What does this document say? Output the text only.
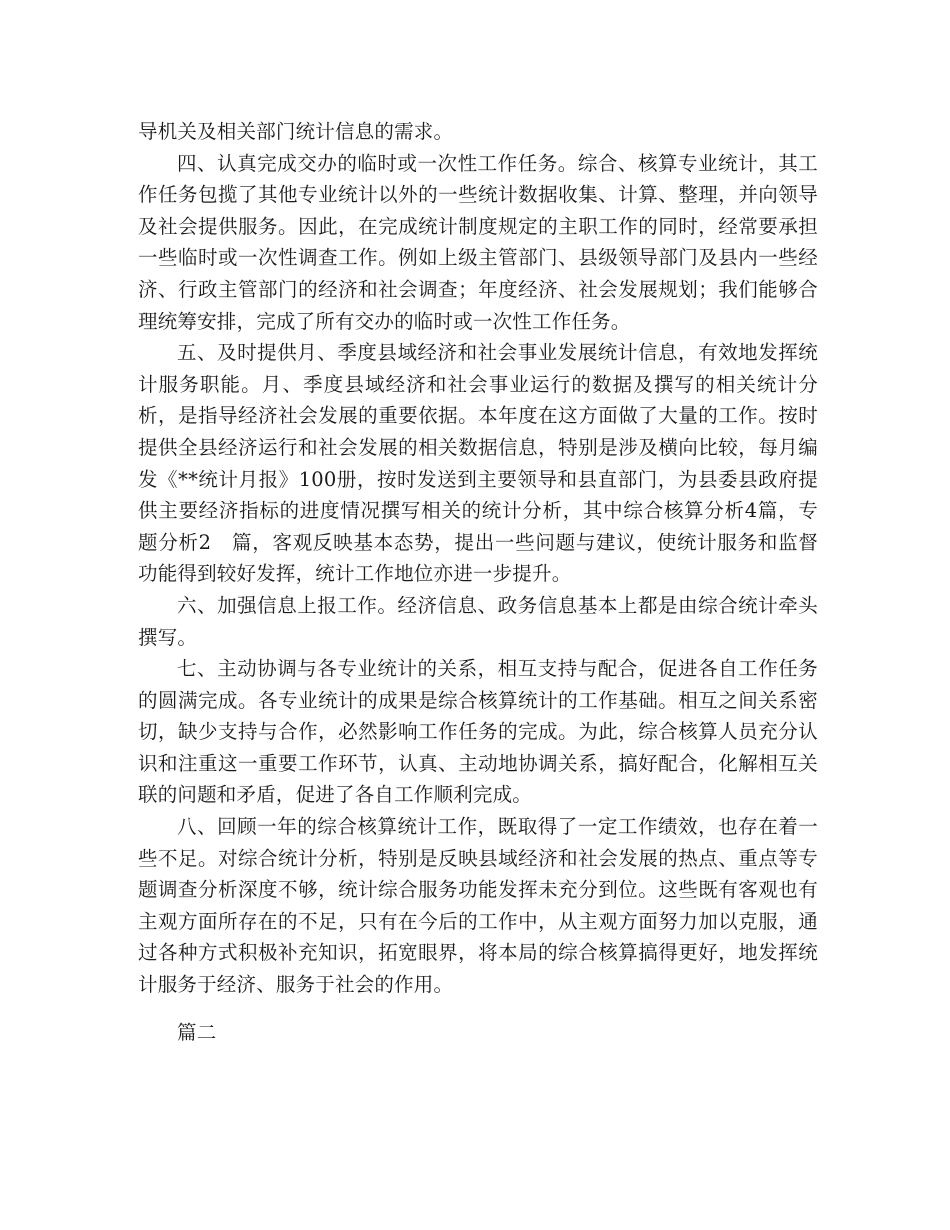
导机关及相关部门统计信息的需求。

四、认真完成交办的临时或一次性工作任务。综合、核算专业统计，其工作任务包揽了其他专业统计以外的一些统计数据收集、计算、整理，并向领导及社会提供服务。因此，在完成统计制度规定的主职工作的同时，经常要承担一些临时或一次性调查工作。例如上级主管部门、县级领导部门及县内一些经济、行政主管部门的经济和社会调查；年度经济、社会发展规划；我们能够合理统筹安排，完成了所有交办的临时或一次性工作任务。

五、及时提供月、季度县域经济和社会事业发展统计信息，有效地发挥统计服务职能。月、季度县域经济和社会事业运行的数据及撰写的相关统计分析，是指导经济社会发展的重要依据。本年度在这方面做了大量的工作。按时提供全县经济运行和社会发展的相关数据信息，特别是涉及横向比较，每月编发《**统计月报》100册，按时发送到主要领导和县直部门，为县委县政府提供主要经济指标的进度情况撰写相关的统计分析，其中综合核算分析4篇，专题分析2　篇，客观反映基本态势，提出一些问题与建议，使统计服务和监督功能得到较好发挥，统计工作地位亦进一步提升。

六、加强信息上报工作。经济信息、政务信息基本上都是由综合统计牵头撰写。

七、主动协调与各专业统计的关系，相互支持与配合，促进各自工作任务的圆满完成。各专业统计的成果是综合核算统计的工作基础。相互之间关系密切，缺少支持与合作，必然影响工作任务的完成。为此，综合核算人员充分认识和注重这一重要工作环节，认真、主动地协调关系，搞好配合，化解相互关联的问题和矛盾，促进了各自工作顺利完成。

八、回顾一年的综合核算统计工作，既取得了一定工作绩效，也存在着一些不足。对综合统计分析，特别是反映县域经济和社会发展的热点、重点等专题调查分析深度不够，统计综合服务功能发挥未充分到位。这些既有客观也有主观方面所存在的不足，只有在今后的工作中，从主观方面努力加以克服，通过各种方式积极补充知识，拓宽眼界，将本局的综合核算搞得更好，地发挥统计服务于经济、服务于社会的作用。

篇二
